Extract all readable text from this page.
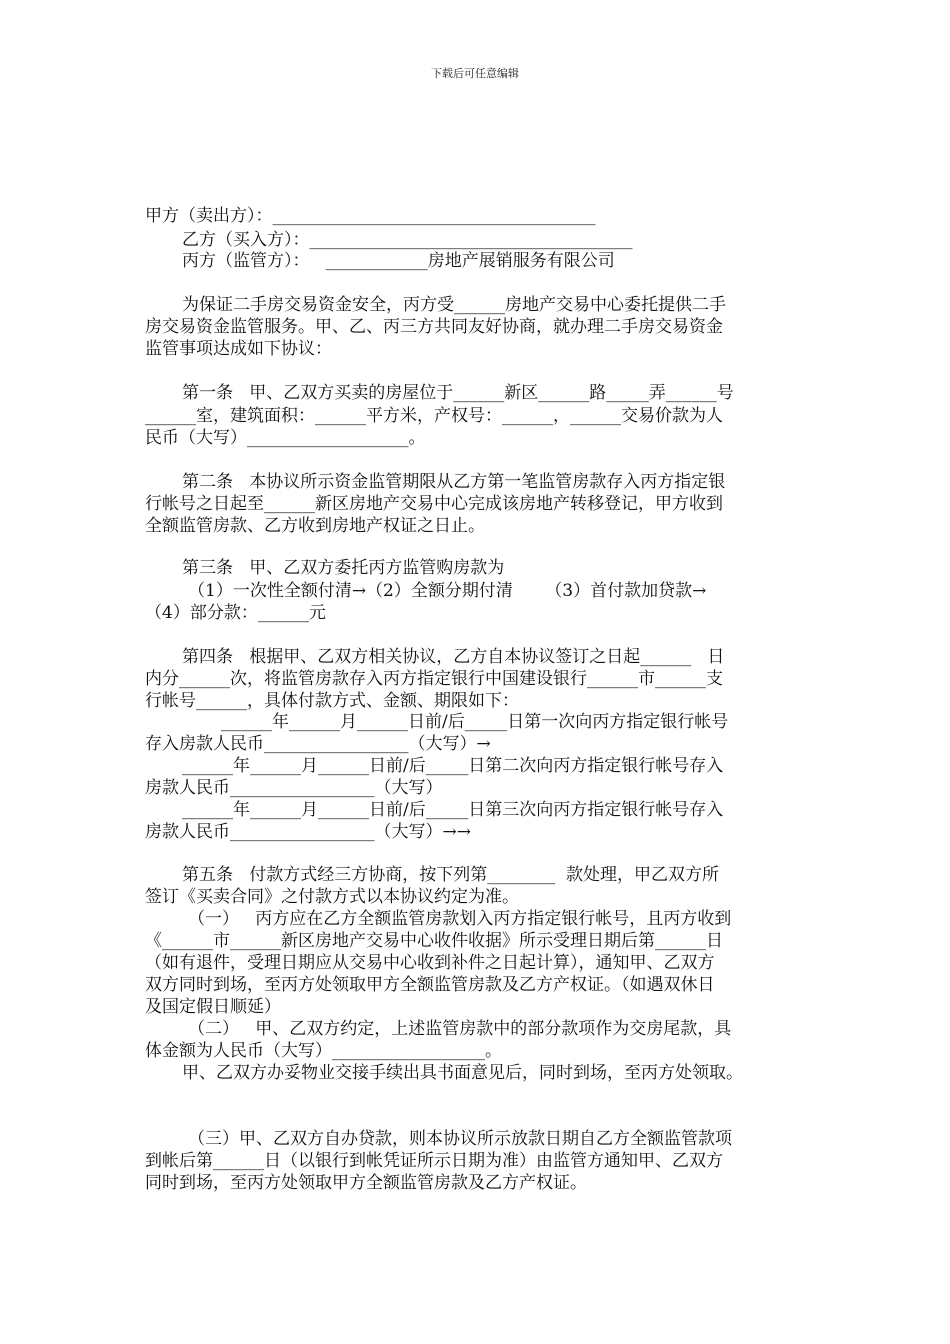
下载后可任意编辑
甲方（卖出方）：______________________________________
乙方（买入方）：______________________________________
丙方（监管方）：   ____________房地产展销服务有限公司
为保证二手房交易资金安全，丙方受______房地产交易中心委托提供二手
房交易资金监管服务。甲、乙、丙三方共同友好协商，就办理二手房交易资金
监管事项达成如下协议：
第一条   甲、乙双方买卖的房屋位于______新区______路_____弄______号
______室，建筑面积：______平方米，产权号：______，______交易价款为人
民币（大写）___________________。
第二条   本协议所示资金监管期限从乙方第一笔监管房款存入丙方指定银
行帐号之日起至______新区房地产交易中心完成该房地产转移登记，甲方收到
全额监管房款、乙方收到房地产权证之日止。
第三条   甲、乙双方委托丙方监管购房款为
（1）一次性全额付清→（2）全额分期付清      （3）首付款加贷款→
（4）部分款：______元
第四条   根据甲、乙双方相关协议，乙方自本协议签订之日起______   日
内分______次，将监管房款存入丙方指定银行中国建设银行______市______支
行帐号______，具体付款方式、金额、期限如下：
______年______月______日前/后_____日第一次向丙方指定银行帐号
存入房款人民币_________________（大写）→
______年______月______日前/后_____日第二次向丙方指定银行帐号存入
房款人民币_________________（大写）
______年______月______日前/后_____日第三次向丙方指定银行帐号存入
房款人民币_________________（大写）→→
第五条   付款方式经三方协商，按下列第________  款处理，甲乙双方所
签订《买卖合同》之付款方式以本协议约定为准。
（一）   丙方应在乙方全额监管房款划入丙方指定银行帐号，且丙方收到
《______市______新区房地产交易中心收件收据》所示受理日期后第______日
（如有退件，受理日期应从交易中心收到补件之日起计算），通知甲、乙双方
双方同时到场，至丙方处领取甲方全额监管房款及乙方产权证。（如遇双休日
及国定假日顺延）
（二）   甲、乙双方约定，上述监管房款中的部分款项作为交房尾款，具
体金额为人民币（大写）__________________。
甲、乙双方办妥物业交接手续出具书面意见后，同时到场，至丙方处领取。
（三）甲、乙双方自办贷款，则本协议所示放款日期自乙方全额监管款项
到帐后第______日（以银行到帐凭证所示日期为准）由监管方通知甲、乙双方
同时到场，至丙方处领取甲方全额监管房款及乙方产权证。
